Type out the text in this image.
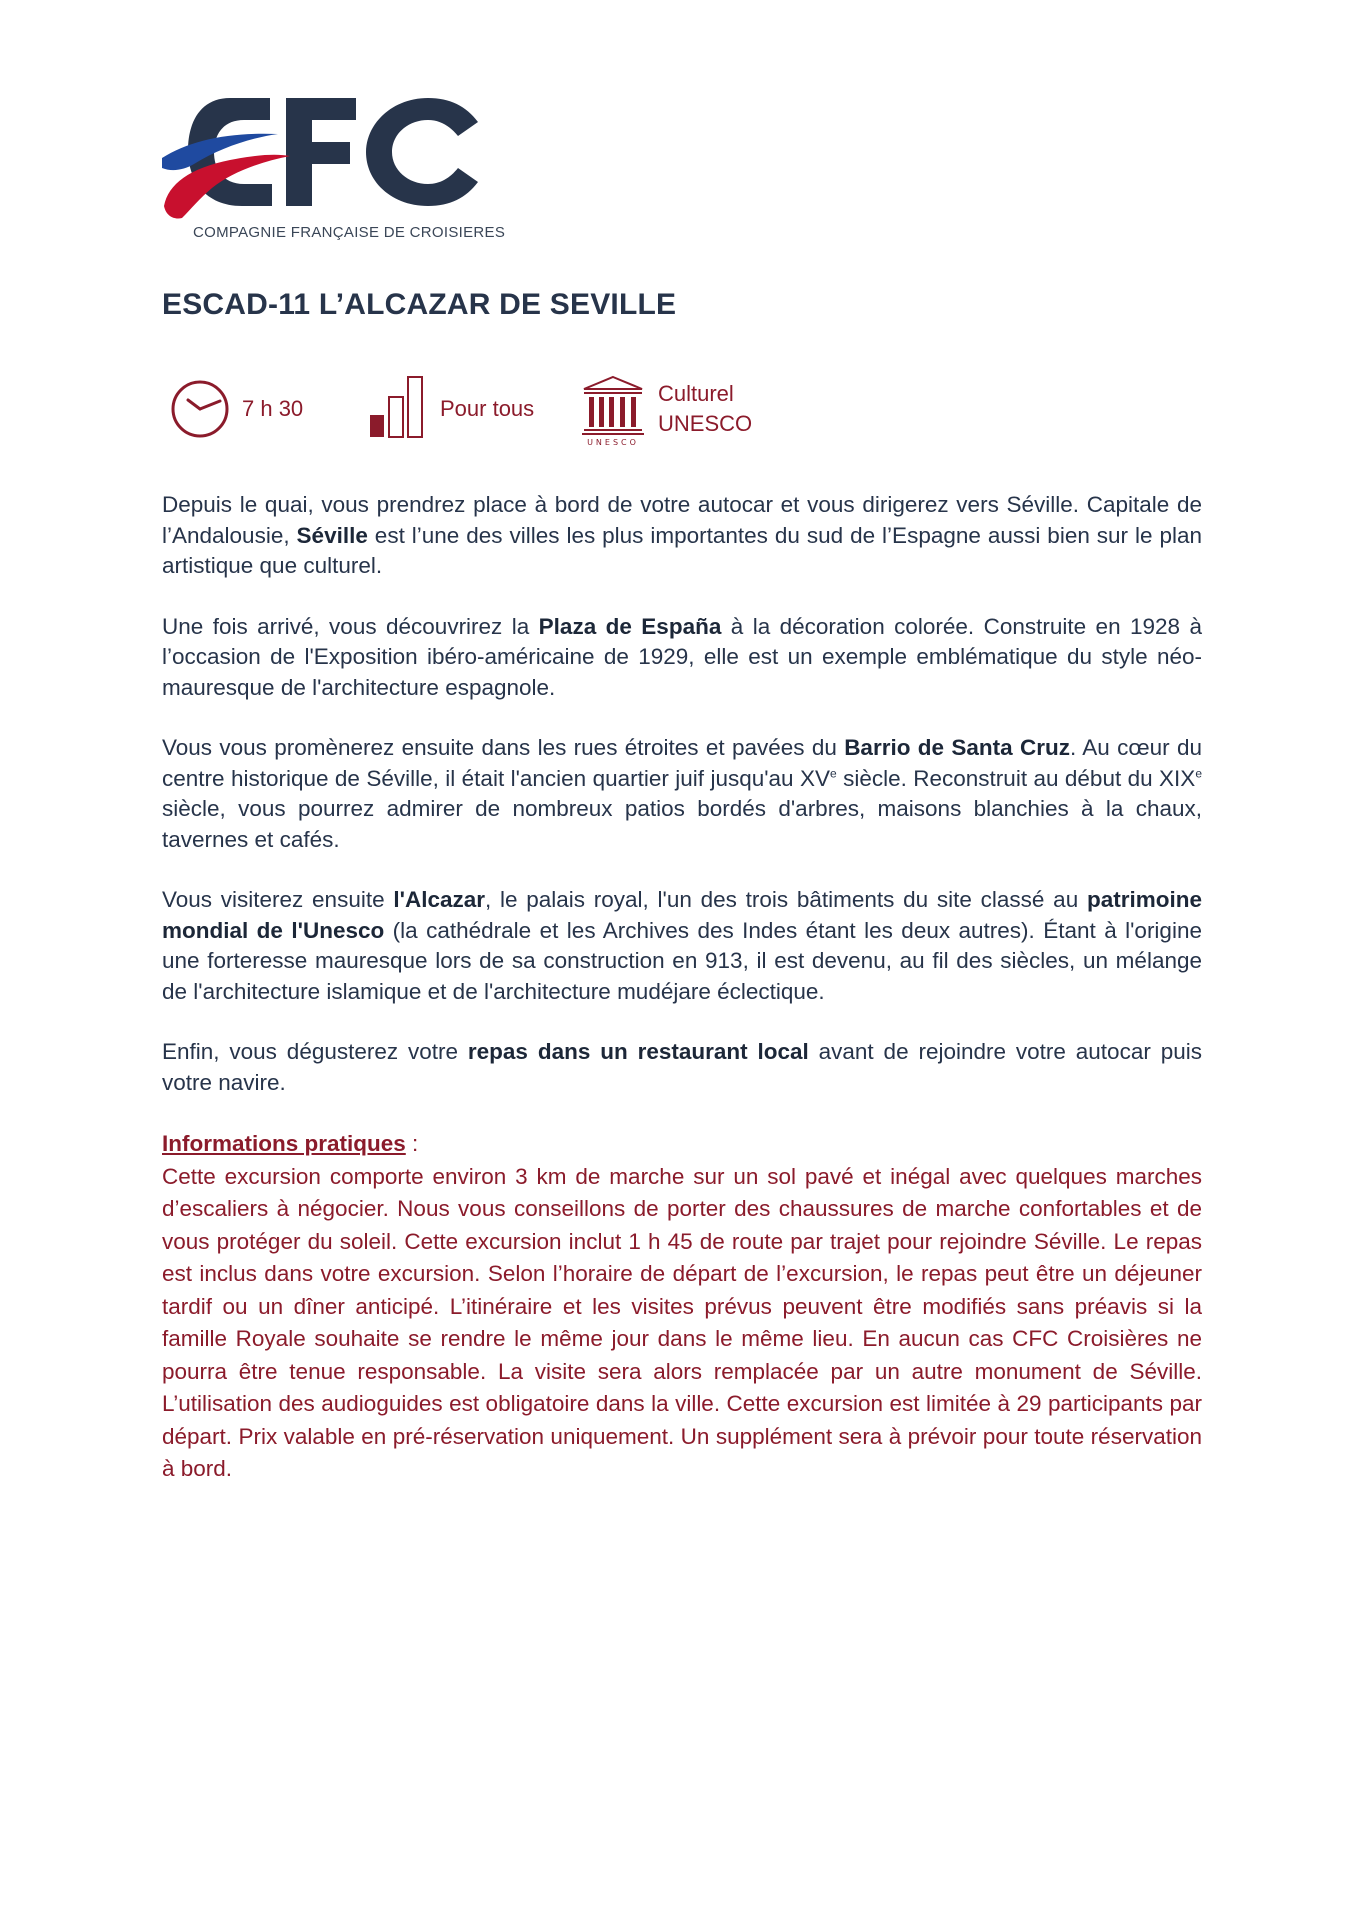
COMPAGNIE FRANÇAISE DE CROISIERES
ESCAD-11 L’ALCAZAR DE SEVILLE
7 h 30	Pour tous
UNESCO
Culturel
UNESCO

Depuis le quai, vous prendrez place à bord de votre autocar et vous dirigerez vers Séville. Capitale de l’Andalousie, Séville est l’une des villes les plus importantes du sud de l’Espagne aussi bien sur le plan artistique que culturel.

Une fois arrivé, vous découvrirez la Plaza de España à la décoration colorée. Construite en 1928 à l’occasion de l'Exposition ibéro-américaine de 1929, elle est un exemple emblématique du style néo-mauresque de l'architecture espagnole.

Vous vous promènerez ensuite dans les rues étroites et pavées du Barrio de Santa Cruz. Au cœur du centre historique de Séville, il était l'ancien quartier juif jusqu'au XVe siècle. Reconstruit au début du XIXe siècle, vous pourrez admirer de nombreux patios bordés d'arbres, maisons blanchies à la chaux, tavernes et cafés.

Vous visiterez ensuite l'Alcazar, le palais royal, l'un des trois bâtiments du site classé au patrimoine mondial de l'Unesco (la cathédrale et les Archives des Indes étant les deux autres). Étant à l'origine une forteresse mauresque lors de sa construction en 913, il est devenu, au fil des siècles, un mélange de l'architecture islamique et de l'architecture mudéjare éclectique.

Enfin, vous dégusterez votre repas dans un restaurant local avant de rejoindre votre autocar puis votre navire.

Informations pratiques :

Cette excursion comporte environ 3 km de marche sur un sol pavé et inégal avec quelques marches d’escaliers à négocier. Nous vous conseillons de porter des chaussures de marche confortables et de vous protéger du soleil. Cette excursion inclut 1 h 45 de route par trajet pour rejoindre Séville. Le repas est inclus dans votre excursion. Selon l’horaire de départ de l’excursion, le repas peut être un déjeuner tardif ou un dîner anticipé. L’itinéraire et les visites prévus peuvent être modifiés sans préavis si la famille Royale souhaite se rendre le même jour dans le même lieu. En aucun cas CFC Croisières ne pourra être tenue responsable. La visite sera alors remplacée par un autre monument de Séville. L’utilisation des audioguides est obligatoire dans la ville. Cette excursion est limitée à 29 participants par départ. Prix valable en pré-réservation uniquement. Un supplément sera à prévoir pour toute réservation à bord.
